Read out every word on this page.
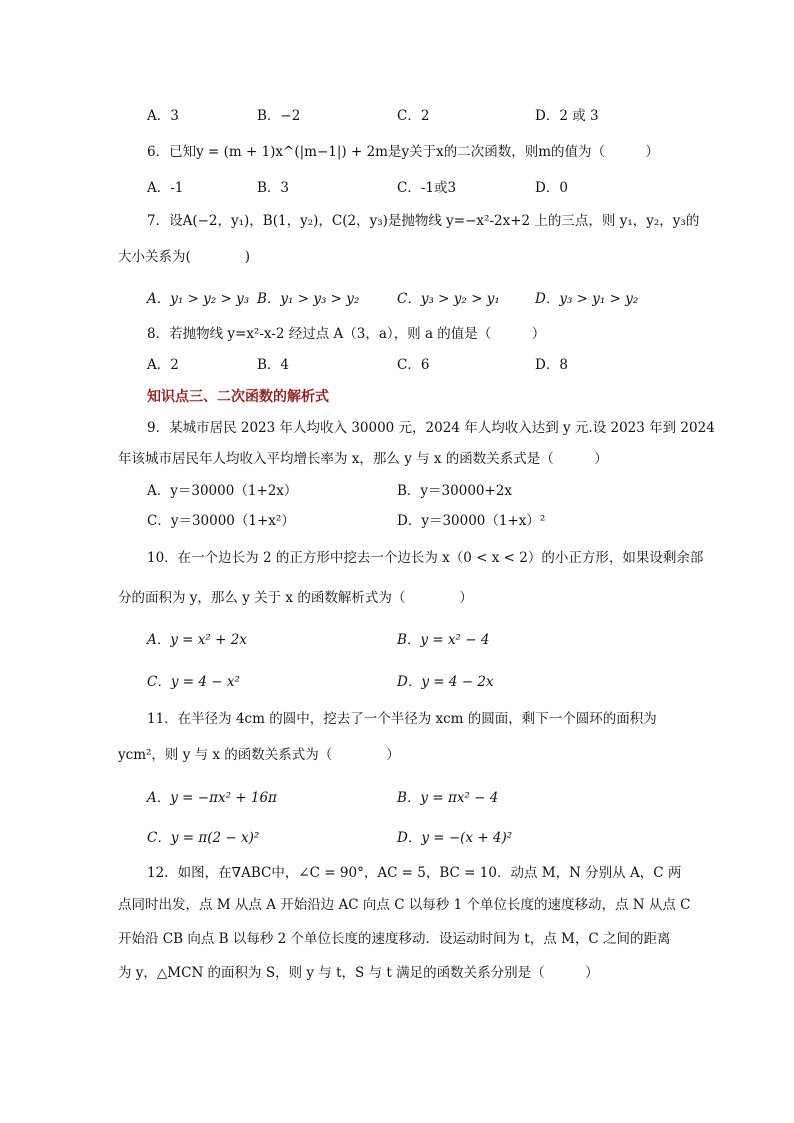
A．3	B．−2	C．2	D．2 或 3
6．已知y = (m + 1)x^(|m−1|) + 2m是y关于x的二次函数，则m的值为（　　　）
A．-1	B．3	C．-1或3	D．0
7．设A(−2，y₁)，B(1，y₂)，C(2，y₃)是抛物线 y=−x²-2x+2 上的三点，则 y₁，y₂，y₃的
大小关系为(　　　　)
A．y₁ > y₂ > y₃ B．y₁ > y₃ > y₂	C．y₃ > y₂ > y₁	D．y₃ > y₁ > y₂
8．若抛物线 y=x²-x-2 经过点 A（3，a），则 a 的值是（　　　）
A．2	B．4	C．6	D．8
知识点三、二次函数的解析式
9．某城市居民 2023 年人均收入 30000 元，2024 年人均收入达到 y 元.设 2023 年到 2024
年该城市居民年人均收入平均增长率为 x，那么 y 与 x 的函数关系式是（　　　）
A．y＝30000（1+2x）	B．y＝30000+2x
C．y＝30000（1+x²）	D．y＝30000（1+x）²
10．在一个边长为 2 的正方形中挖去一个边长为 x（0 < x < 2）的小正方形，如果设剩余部
分的面积为 y，那么 y 关于 x 的函数解析式为（　　　　）
A．y = x² + 2x	B．y = x² − 4
C．y = 4 − x²	D．y = 4 − 2x
11．在半径为 4cm 的圆中，挖去了一个半径为 xcm 的圆面，剩下一个圆环的面积为
ycm²，则 y 与 x 的函数关系式为（　　　　）
A．y = −πx² + 16π	B．y = πx² − 4
C．y = π(2 − x)²	D．y = −(x + 4)²
12．如图，在∇ABC中，∠C = 90°，AC = 5，BC = 10．动点 M，N 分别从 A，C 两
点同时出发，点 M 从点 A 开始沿边 AC 向点 C 以每秒 1 个单位长度的速度移动，点 N 从点 C
开始沿 CB 向点 B 以每秒 2 个单位长度的速度移动．设运动时间为 t，点 M，C 之间的距离
为 y，△MCN 的面积为 S，则 y 与 t，S 与 t 满足的函数关系分别是（　　　）
